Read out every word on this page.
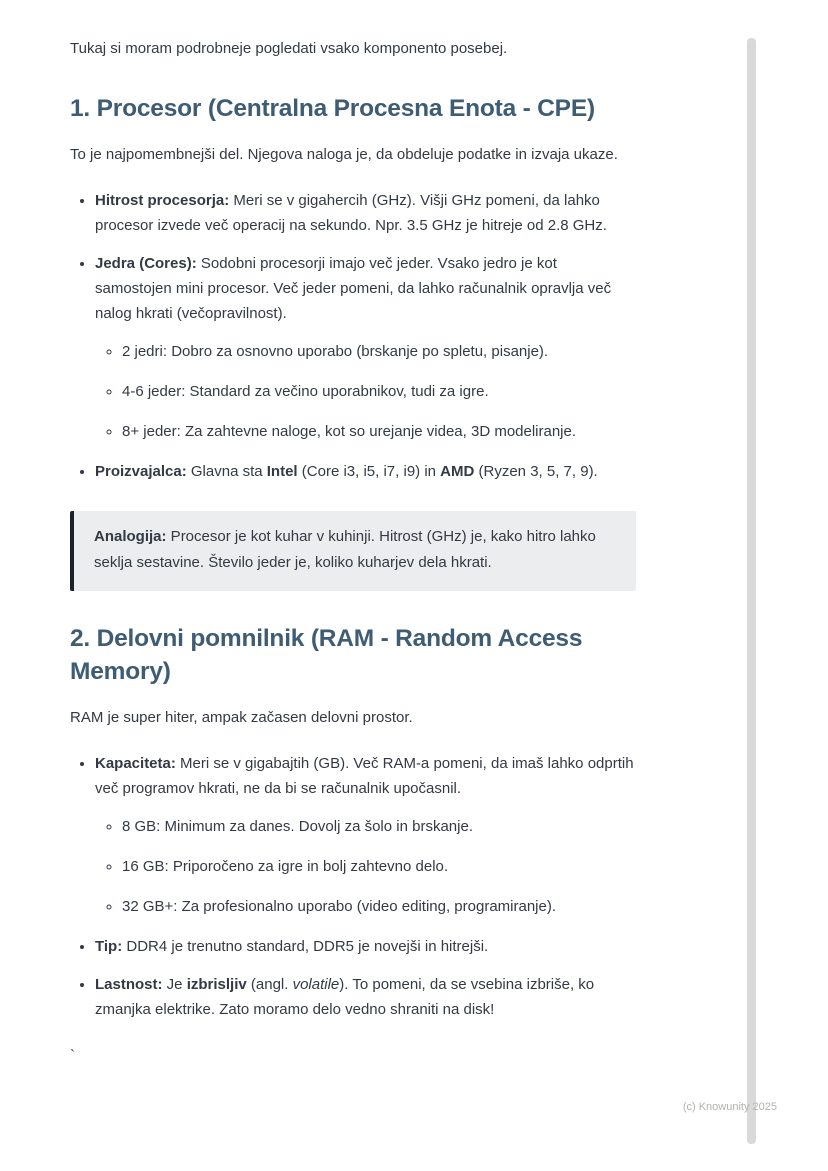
Tukaj si moram podrobneje pogledati vsako komponento posebej.

1. Procesor (Centralna Procesna Enota - CPE)

To je najpomembnejši del. Njegova naloga je, da obdeluje podatke in izvaja ukaze.

• Hitrost procesorja: Meri se v gigahercih (GHz). Višji GHz pomeni, da lahko procesor izvede več operacij na sekundo. Npr. 3.5 GHz je hitreje od 2.8 GHz.
• Jedra (Cores): Sodobni procesorji imajo več jeder. Vsako jedro je kot samostojen mini procesor. Več jeder pomeni, da lahko računalnik opravlja več nalog hkrati (večopravilnost).
◦ 2 jedri: Dobro za osnovno uporabo (brskanje po spletu, pisanje).
◦ 4-6 jeder: Standard za večino uporabnikov, tudi za igre.
◦ 8+ jeder: Za zahtevne naloge, kot so urejanje videa, 3D modeliranje.
• Proizvajalca: Glavna sta Intel (Core i3, i5, i7, i9) in AMD (Ryzen 3, 5, 7, 9).
Analogija: Procesor je kot kuhar v kuhinji. Hitrost (GHz) je, kako hitro lahko seklja sestavine. Število jeder je, koliko kuharjev dela hkrati.
2. Delovni pomnilnik (RAM - Random Access Memory)

RAM je super hiter, ampak začasen delovni prostor.

• Kapaciteta: Meri se v gigabajtih (GB). Več RAM-a pomeni, da imaš lahko odprtih več programov hkrati, ne da bi se računalnik upočasnil.
◦ 8 GB: Minimum za danes. Dovolj za šolo in brskanje.
◦ 16 GB: Priporočeno za igre in bolj zahtevno delo.
◦ 32 GB+: Za profesionalno uporabo (video editing, programiranje).
• Tip: DDR4 je trenutno standard, DDR5 je novejši in hitrejši.
• Lastnost: Je izbrisljiv (angl. volatile). To pomeni, da se vsebina izbriše, ko zmanjka elektrike. Zato moramo delo vedno shraniti na disk!

`

(c) Knowunity 2025
